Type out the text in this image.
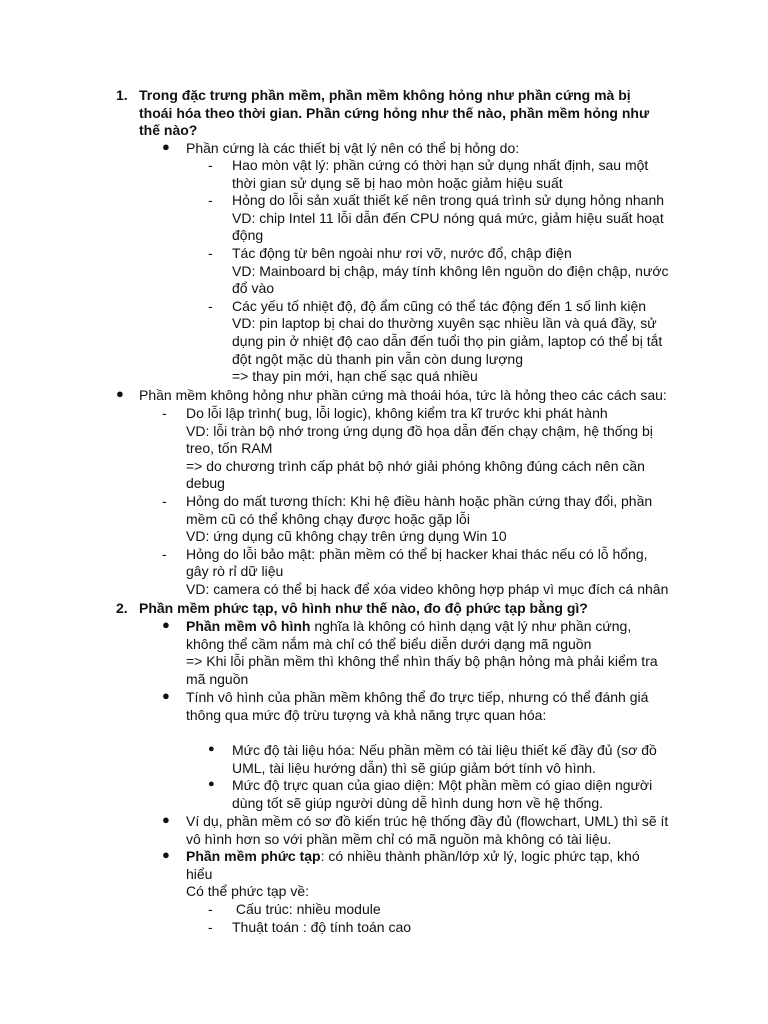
1. Trong đặc trưng phần mềm, phần mềm không hỏng như phần cứng mà bị

thoái hóa theo thời gian. Phần cứng hỏng như thế nào, phần mềm hỏng như

thế nào?

● Phần cứng là các thiết bị vật lý nên có thể bị hỏng do:

- Hao mòn vật lý: phần cứng có thời hạn sử dụng nhất định, sau một

thời gian sử dụng sẽ bị hao mòn hoặc giảm hiệu suất

- Hỏng do lỗi sản xuất thiết kế nên trong quá trình sử dụng hỏng nhanh

VD: chip Intel 11 lỗi dẫn đến CPU nóng quá mức, giảm hiệu suất hoạt

động

- Tác động từ bên ngoài như rơi vỡ, nước đổ, chập điện

VD: Mainboard bị chập, máy tính không lên nguồn do điện chập, nước

đổ vào

- Các yếu tố nhiệt độ, độ ẩm cũng có thể tác động đến 1 số linh kiện

VD: pin laptop bị chai do thường xuyên sạc nhiều lần và quá đầy, sử

dụng pin ở nhiệt độ cao dẫn đến tuổi thọ pin giảm, laptop có thể bị tắt

đột ngột mặc dù thanh pin vẫn còn dung lượng

=> thay pin mới, hạn chế sạc quá nhiều

● Phần mềm không hỏng như phần cứng mà thoái hóa, tức là hỏng theo các cách sau:

- Do lỗi lập trình( bug, lỗi logic), không kiểm tra kĩ trước khi phát hành

VD: lỗi tràn bộ nhớ trong ứng dụng đồ họa dẫn đến chạy chậm, hệ thống bị

treo, tốn RAM

=> do chương trình cấp phát bộ nhớ giải phóng không đúng cách nên cần

debug

- Hỏng do mất tương thích: Khi hệ điều hành hoặc phần cứng thay đổi, phần

mềm cũ có thể không chạy được hoặc gặp lỗi

VD: ứng dụng cũ không chạy trên ứng dụng Win 10

- Hỏng do lỗi bảo mật: phần mềm có thể bị hacker khai thác nếu có lỗ hổng,

gây rò rỉ dữ liệu

VD: camera có thể bị hack để xóa video không hợp pháp vì mục đích cá nhân

2. Phần mềm phức tạp, vô hình như thế nào, đo độ phức tạp bằng gì?

● Phần mềm vô hình nghĩa là không có hình dạng vật lý như phần cứng,

không thể cầm nắm mà chỉ có thể biểu diễn dưới dạng mã nguồn

=> Khi lỗi phần mềm thì không thể nhìn thấy bộ phận hỏng mà phải kiểm tra

mã nguồn

● Tính vô hình của phần mềm không thể đo trực tiếp, nhưng có thể đánh giá

thông qua mức độ trừu tượng và khả năng trực quan hóa:

● Mức độ tài liệu hóa: Nếu phần mềm có tài liệu thiết kế đầy đủ (sơ đồ

UML, tài liệu hướng dẫn) thì sẽ giúp giảm bớt tính vô hình.

● Mức độ trực quan của giao diện: Một phần mềm có giao diện người

dùng tốt sẽ giúp người dùng dễ hình dung hơn về hệ thống.

● Ví dụ, phần mềm có sơ đồ kiến trúc hệ thống đầy đủ (flowchart, UML) thì sẽ ít

vô hình hơn so với phần mềm chỉ có mã nguồn mà không có tài liệu.

● Phần mềm phức tạp: có nhiều thành phần/lớp xử lý, logic phức tạp, khó

hiểu

Có thể phức tạp về:

- Cấu trúc: nhiều module

- Thuật toán : độ tính toán cao
